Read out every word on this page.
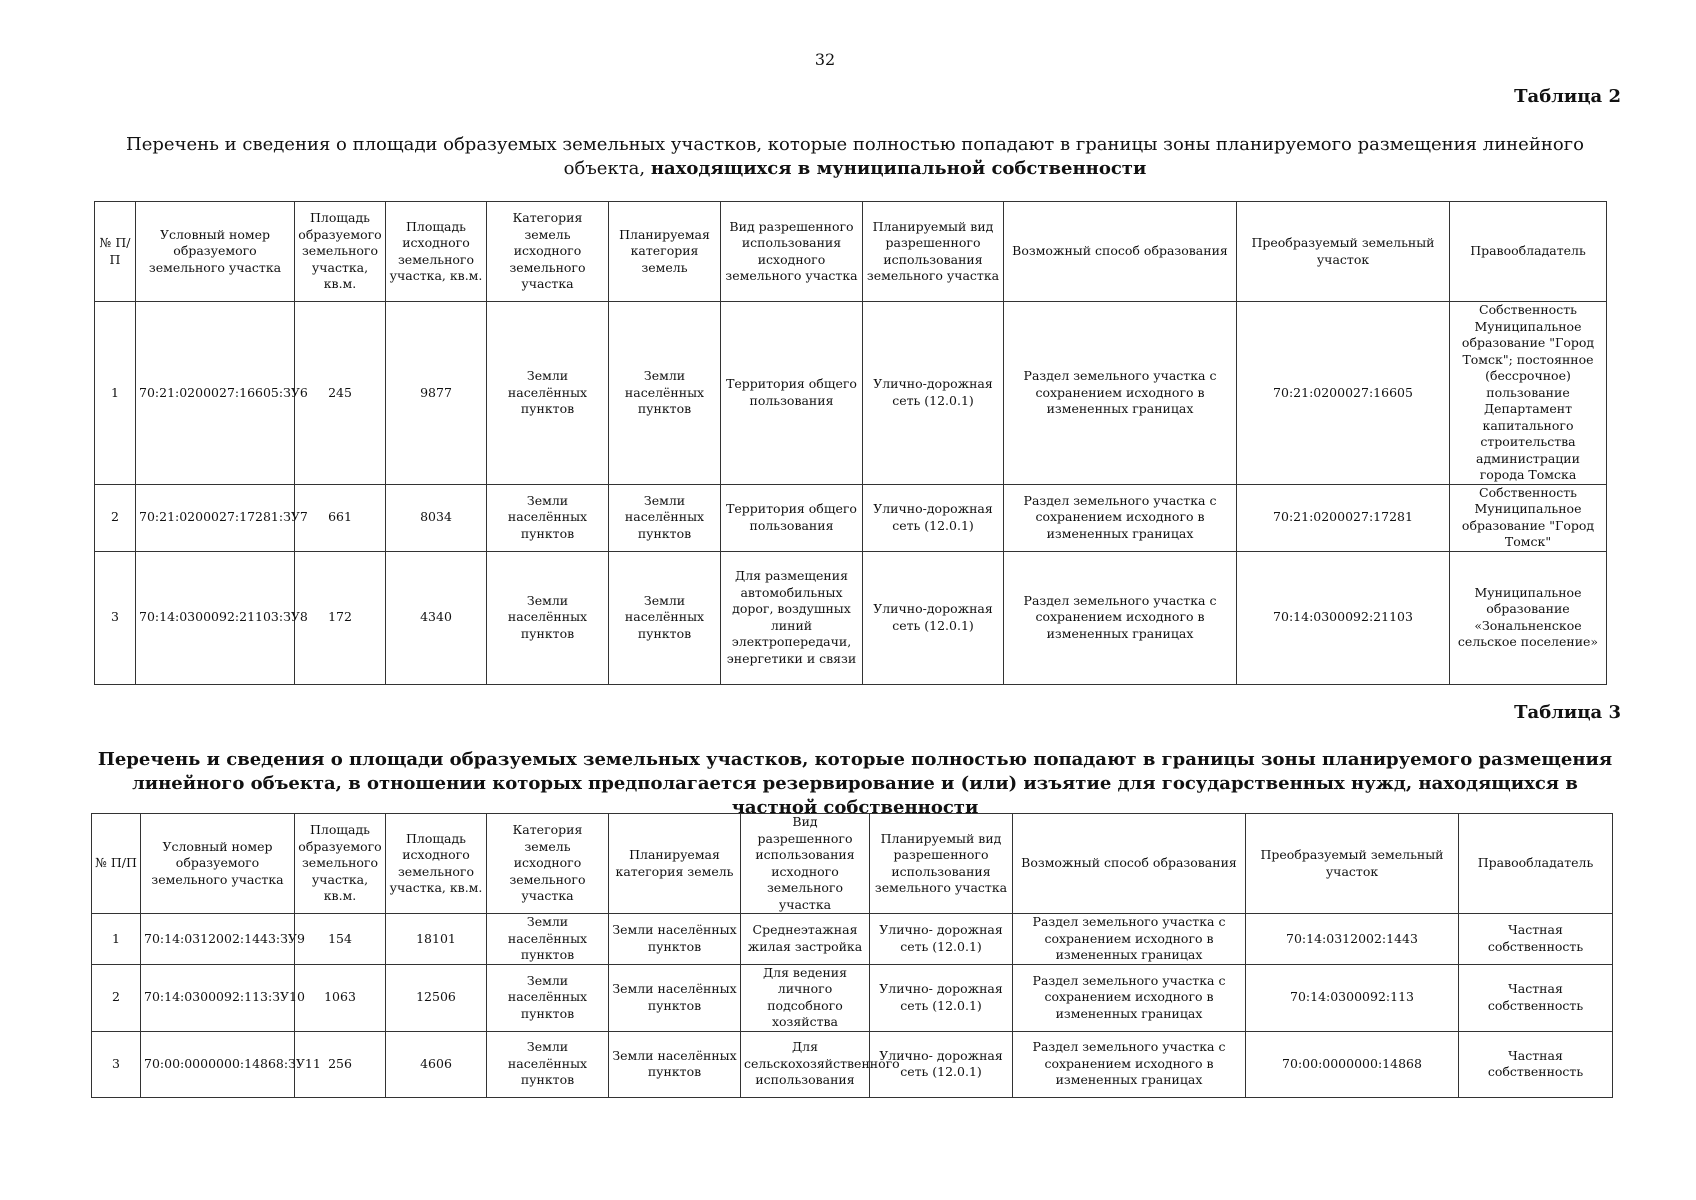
32
Таблица 2
Перечень и сведения о площади образуемых земельных участков, которые полностью попадают в границы зоны планируемого размещения линейного объекта, находящихся в муниципальной собственности
№ П/П	Условный номер образуемого земельного участка	Площадь образуемого земельного участка, кв.м.	Площадь исходного земельного участка, кв.м.	Категория земель исходного земельного участка	Планируемая категория земель	Вид разрешенного использования исходного земельного участка	Планируемый вид разрешенного использования земельного участка	Возможный способ образования	Преобразуемый земельный участок	Правообладатель
1	70:21:0200027:16605:ЗУ6	245	9877	Земли населённых пунктов	Земли населённых пунктов	Территория общего пользования	Улично-дорожная сеть (12.0.1)	Раздел земельного участка с сохранением исходного в измененных границах	70:21:0200027:16605	Собственность Муниципальное образование "Город Томск"; постоянное (бессрочное) пользование Департамент капитального строительства администрации города Томска
2	70:21:0200027:17281:ЗУ7	661	8034	Земли населённых пунктов	Земли населённых пунктов	Территория общего пользования	Улично-дорожная сеть (12.0.1)	Раздел земельного участка с сохранением исходного в измененных границах	70:21:0200027:17281	Собственность Муниципальное образование "Город Томск"
3	70:14:0300092:21103:ЗУ8	172	4340	Земли населённых пунктов	Земли населённых пунктов	Для размещения автомобильных дорог, воздушных линий электропередачи, энергетики и связи	Улично-дорожная сеть (12.0.1)	Раздел земельного участка с сохранением исходного в измененных границах	70:14:0300092:21103	Муниципальное образование «Зональненское сельское поселение»
Таблица 3
Перечень и сведения о площади образуемых земельных участков, которые полностью попадают в границы зоны планируемого размещения линейного объекта, в отношении которых предполагается резервирование и (или) изъятие для государственных нужд, находящихся в частной собственности
№ П/П	Условный номер образуемого земельного участка	Площадь образуемого земельного участка, кв.м.	Площадь исходного земельного участка, кв.м.	Категория земель исходного земельного участка	Планируемая категория земель	Вид разрешенного использования исходного земельного участка	Планируемый вид разрешенного использования земельного участка	Возможный способ образования	Преобразуемый земельный участок	Правообладатель
1	70:14:0312002:1443:ЗУ9	154	18101	Земли населённых пунктов	Земли населённых пунктов	Среднеэтажная жилая застройка	Улично- дорожная сеть (12.0.1)	Раздел земельного участка с сохранением исходного в измененных границах	70:14:0312002:1443	Частная собственность
2	70:14:0300092:113:ЗУ10	1063	12506	Земли населённых пунктов	Земли населённых пунктов	Для ведения личного подсобного хозяйства	Улично- дорожная сеть (12.0.1)	Раздел земельного участка с сохранением исходного в измененных границах	70:14:0300092:113	Частная собственность
3	70:00:0000000:14868:ЗУ11	256	4606	Земли населённых пунктов	Земли населённых пунктов	Для сельскохозяйственного использования	Улично- дорожная сеть (12.0.1)	Раздел земельного участка с сохранением исходного в измененных границах	70:00:0000000:14868	Частная собственность
